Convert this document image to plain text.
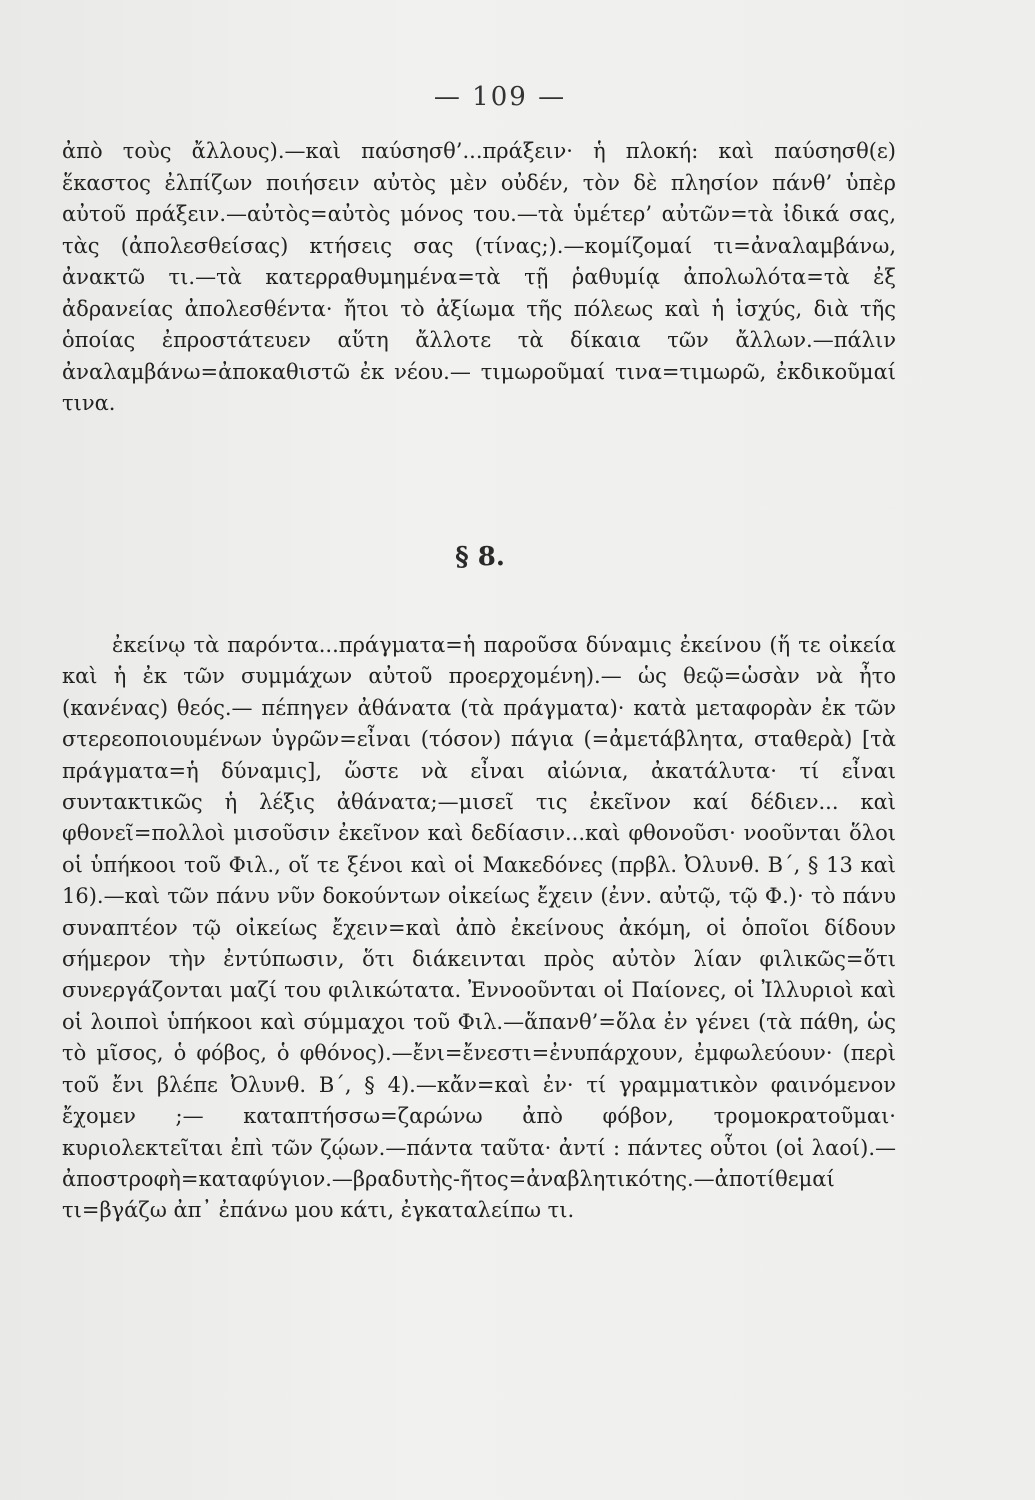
— 109 —

ἀπὸ τοὺς ἄλλους).—καὶ παύσησθ’...πράξειν· ἡ πλοκή: καὶ παύσησθ(ε) ἕκαστος ἐλπίζων ποιήσειν αὐτὸς μὲν οὐδέν, τὸν δὲ πλησίον πάνθ’ ὑπὲρ αὐτοῦ πράξειν.—αὐτὸς=αὐτὸς μόνος του.—τὰ ὑμέτερ’ αὐτῶν=τὰ ἰδικά σας, τὰς (ἀπολεσθείσας) κτήσεις σας (τίνας;).—κομίζομαί τι=ἀναλαμβάνω, ἀνακτῶ τι.—τὰ κατερραθυμημένα=τὰ τῇ ῥαθυμίᾳ ἀπολωλότα=τὰ ἐξ ἀδρανείας ἀπολεσθέντα· ἤτοι τὸ ἀξίωμα τῆς πόλεως καὶ ἡ ἰσχύς, διὰ τῆς ὁποίας ἐπροστάτευεν αὕτη ἄλλοτε τὰ δίκαια τῶν ἄλλων.—πάλιν ἀναλαμβάνω=ἀποκαθιστῶ ἐκ νέου.— τιμωροῦμαί τινα=τιμωρῶ, ἐκδικοῦμαί τινα.

§ 8.

ἐκείνῳ τὰ παρόντα...πράγματα=ἡ παροῦσα δύναμις ἐκείνου (ἥ τε οἰκεία καὶ ἡ ἐκ τῶν συμμάχων αὐτοῦ προερχομένη).— ὡς θεῷ=ὡσὰν νὰ ἦτο (κανένας) θεός.— πέπηγεν ἀθάνατα (τὰ πράγματα)· κατὰ μεταφορὰν ἐκ τῶν στερεοποιουμένων ὑγρῶν=εἶναι (τόσον) πάγια (=ἀμετάβλητα, σταθερὰ) [τὰ πράγματα=ἡ δύναμις], ὥστε νὰ εἶναι αἰώνια, ἀκατάλυτα· τί εἶναι συντακτικῶς ἡ λέξις ἀθάνατα;—μισεῖ τις ἐκεῖνον καί δέδιεν... καὶ φθονεῖ=πολλοὶ μισοῦσιν ἐκεῖνον καὶ δεδίασιν...καὶ φθονοῦσι· νοοῦνται ὅλοι οἱ ὑπήκοοι τοῦ Φιλ., οἵ τε ξένοι καὶ οἱ Μακεδόνες (πρβλ. Ὀλυνθ. Β΄, § 13 καὶ 16).—καὶ τῶν πάνυ νῦν δοκούντων οἰκείως ἔχειν (ἐνν. αὐτῷ, τῷ Φ.)· τὸ πάνυ συναπτέον τῷ οἰκείως ἔχειν=καὶ ἀπὸ ἐκείνους ἀκόμη, οἱ ὁποῖοι δίδουν σήμερον τὴν ἐντύπωσιν, ὅτι διάκεινται πρὸς αὐτὸν λίαν φιλικῶς=ὅτι συνεργάζονται μαζί του φιλικώτατα. Ἐννοοῦνται οἱ Παίονες, οἱ Ἰλλυριοὶ καὶ οἱ λοιποὶ ὑπήκοοι καὶ σύμμαχοι τοῦ Φιλ.—ἅπανθ’=ὅλα ἐν γένει (τὰ πάθη, ὡς τὸ μῖσος, ὁ φόβος, ὁ φθόνος).—ἔνι=ἔνεστι=ἐνυπάρχουν, ἐμφωλεύουν· (περὶ τοῦ ἔνι βλέπε Ὀλυνθ. Β΄, § 4).—κἄν=καὶ ἐν· τί γραμματικὸν φαινόμενον ἔχομεν ;— καταπτήσσω=ζαρώνω ἀπὸ φόβον, τρομοκρατοῦμαι· κυριολεκτεῖται ἐπὶ τῶν ζῴων.—πάντα ταῦτα· ἀντί : πάντες οὗτοι (οἱ λαοί).—ἀποστροφὴ=καταφύγιον.—βραδυτὴς-ῆτος=ἀναβλητικότης.—ἀποτίθεμαί τι=βγάζω ἀπ᾽ ἐπάνω μου κάτι, ἐγκαταλείπω τι.
